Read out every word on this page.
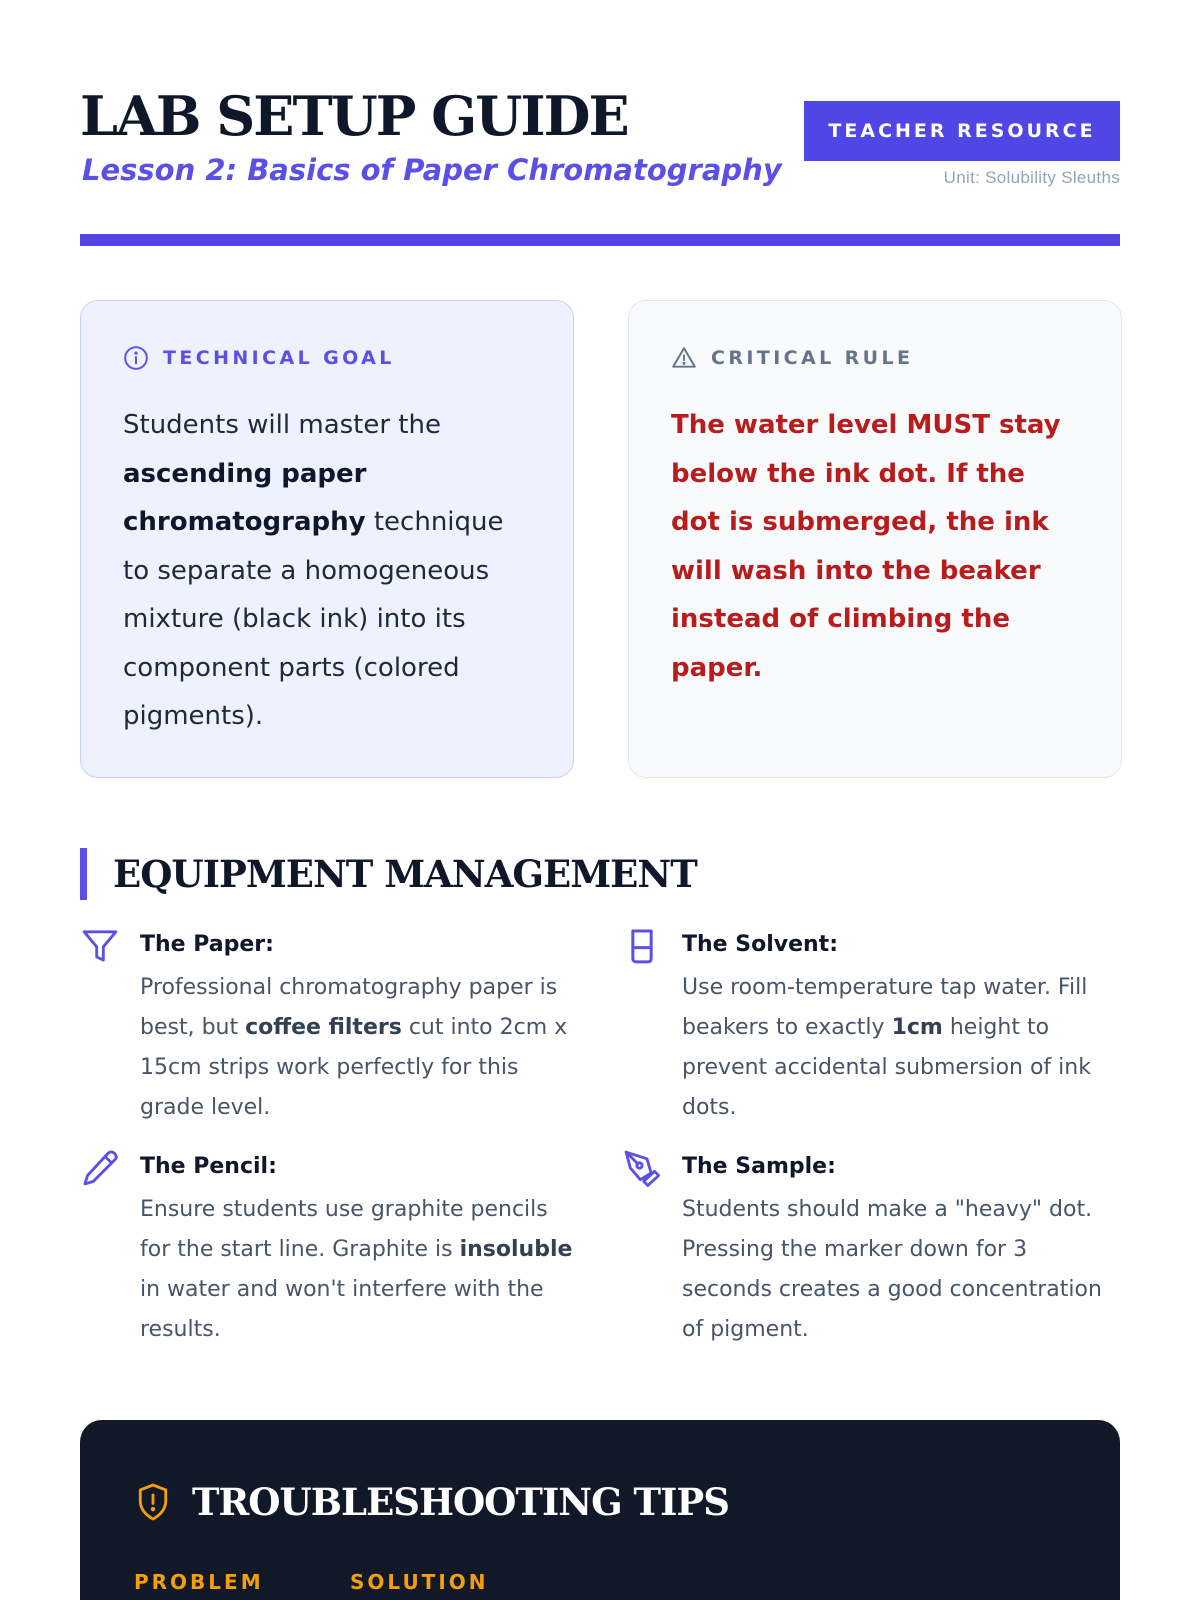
LAB SETUP GUIDE
Lesson 2: Basics of Paper Chromatography
TEACHER RESOURCE
Unit: Solubility Sleuths
TECHNICAL GOAL

Students will master the ascending paper chromatography technique to separate a homogeneous mixture (black ink) into its component parts (colored pigments).

CRITICAL RULE

The water level MUST stay below the ink dot. If the dot is submerged, the ink will wash into the beaker instead of climbing the paper.

EQUIPMENT MANAGEMENT
The Paper:

Professional chromatography paper is best, but coffee filters cut into 2cm x 15cm strips work perfectly for this grade level.

The Solvent:

Use room-temperature tap water. Fill beakers to exactly 1cm height to prevent accidental submersion of ink dots.

The Pencil:

Ensure students use graphite pencils for the start line. Graphite is insoluble in water and won't interfere with the results.

The Sample:

Students should make a "heavy" dot. Pressing the marker down for 3 seconds creates a good concentration of pigment.

TROUBLESHOOTING TIPS
PROBLEM	SOLUTION
